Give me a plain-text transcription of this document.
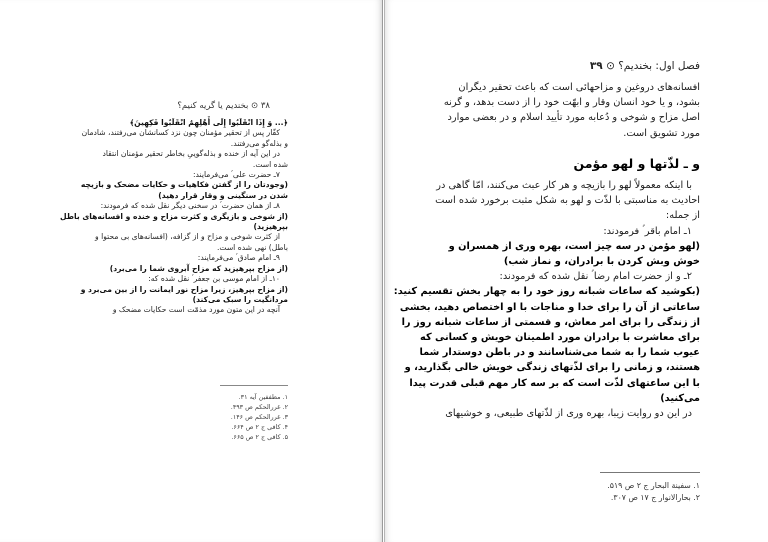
۳۸ ⊙ بخندیم یا گریه کنیم؟
﴿... وَ إِذَا انْقَلَبُوا إِلَى أَهْلِهِمُ انْقَلَبُوا فَكِهِينَ﴾
کفّار پس از تحقیر مؤمنان چون نزد کسانشان می‌رفتند، شادمان
و بذله‌گو می‌رفتند.
در این آیه از خنده و بذله‌گوییِ بخاطر تحقیر مؤمنان انتقاد
شده است.
۷ـ حضرت علی ؑ می‌فرمایند:
(وجودتان را از گفتن فکاهیات و حکایات مضحک و بازیچه
شدن در سنگینی و وقار قرار دهید)
۸ـ از همان حضرت ؑ در سخنی دیگر نقل شده که فرمودند:
(از شوخی و بازیگری و کثرت مزاح و خنده و افسانه‌های باطل
بپرهیزید)
از کثرت شوخی و مزاح و از گزافه، (افسانه‌های بی محتوا و
باطل) نهی شده است.
۹ـ امام صادق ؑ می‌فرمایند:
(از مزاح بپرهیزید که مزاح آبروی شما را می‌برد)
۱۰ـ از امام موسی بن جعفر ؑ نقل شده که:
(از مزاح بپرهیز، زیرا مزاح نور ایمانت را از بین می‌برد و
مردانگیت را سبک می‌کند)
آنچه در این متون مورد مذمّت است حکایات مضحک و
۱. مطففین آیه ۳۱.
۲. غررالحکم ص ۴۹۳.
۳. غررالحکم ص ۱۴۶.
۴. کافی ج ۲ ص ۶۶۴.
۵. کافی ج ۲ ص ۶۶۵.
فصل اول: بخندیم؟ ⊙ ۳۹
افسانه‌های دروغین و مزاحهائی است که باعث تحقیر دیگران
بشود، و یا خود انسان وقار و ابهّت خود را از دست بدهد، و گرنه
اصل مزاح و شوخی و دُعابه مورد تأیید اسلام و در بعضی موارد
مورد تشویق است.
و ـ لذّتها و لهو مؤمن
با اینکه معمولاً لهو را بازیچه و هر کار عبث می‌کنند، امّا گاهی در
احادیث به مناسبتی با لذّت و لهو به شکل مثبت برخورد شده است
از جمله:
۱ـ امام باقر ؑ فرمودند:
(لهو مؤمن در سه چیز است، بهره وری از همسران و
خوش وبش کردن با برادران، و نماز شب)
۲ـ و از حضرت امام رضا ؑ نقل شده که فرمودند:
(بکوشید که ساعات شبانه روز خود را به چهار بخش تقسیم کنید:
ساعاتی از آن را برای خدا و مناجات با او اختصاص دهید، بخشی
از زندگی را برای امر معاش، و قسمتی از ساعات شبانه روز را
برای معاشرت با برادران مورد اطمینان خویش و کسانی که
عیوب شما را به شما می‌شناسانند و در باطن دوستدار شما
هستند، و زمانی را برای لذّتهای زندگی خویش خالی بگذارید، و
با این ساعتهای لذّت است که بر سه کار مهم قبلی قدرت پیدا
می‌کنید)
در این دو روایت زیبا، بهره وری از لذّتهای طبیعی، و خوشیهای
۱. سفینة البحار ج ۲ ص ۵۱۹.
۲. بحارالانوار ج ۱۷ ص ۳۰۷.
